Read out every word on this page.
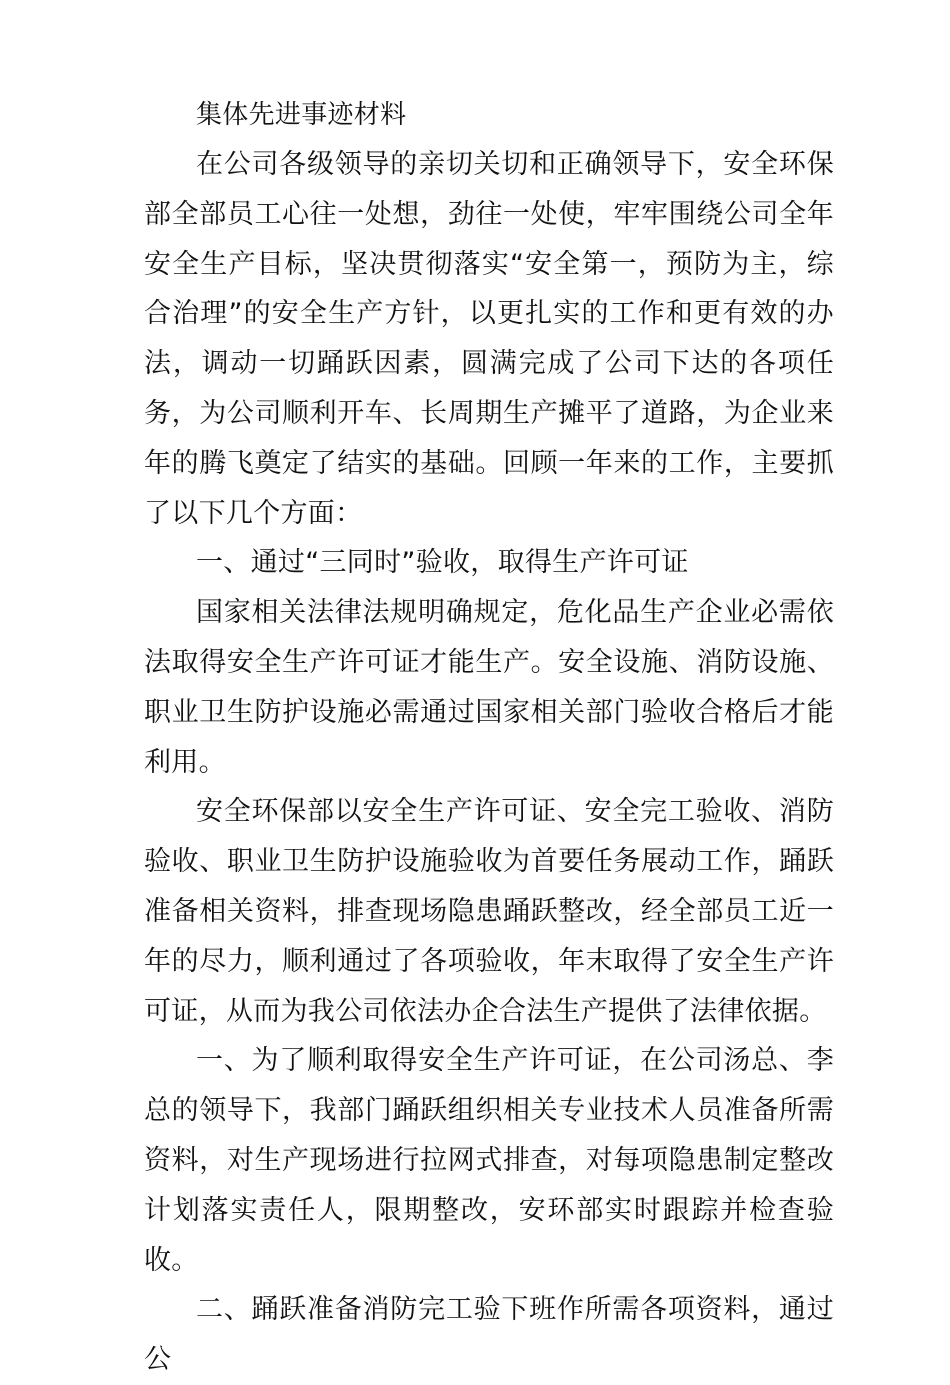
集体先进事迹材料

在公司各级领导的亲切关切和正确领导下，安全环保部全部员工心往一处想，劲往一处使，牢牢围绕公司全年安全生产目标，坚决贯彻落实“安全第一，预防为主，综合治理”的安全生产方针，以更扎实的工作和更有效的办法，调动一切踊跃因素，圆满完成了公司下达的各项任务，为公司顺利开车、长周期生产摊平了道路，为企业来年的腾飞奠定了结实的基础。回顾一年来的工作，主要抓了以下几个方面：

一、通过“三同时”验收，取得生产许可证

国家相关法律法规明确规定，危化品生产企业必需依法取得安全生产许可证才能生产。安全设施、消防设施、职业卫生防护设施必需通过国家相关部门验收合格后才能利用。

安全环保部以安全生产许可证、安全完工验收、消防验收、职业卫生防护设施验收为首要任务展动工作，踊跃准备相关资料，排查现场隐患踊跃整改，经全部员工近一年的尽力，顺利通过了各项验收，年末取得了安全生产许可证，从而为我公司依法办企合法生产提供了法律依据。

一、为了顺利取得安全生产许可证，在公司汤总、李总的领导下，我部门踊跃组织相关专业技术人员准备所需资料，对生产现场进行拉网式排查，对每项隐患制定整改计划落实责任人，限期整改，安环部实时跟踪并检查验收。

二、踊跃准备消防完工验下班作所需各项资料，通过公
